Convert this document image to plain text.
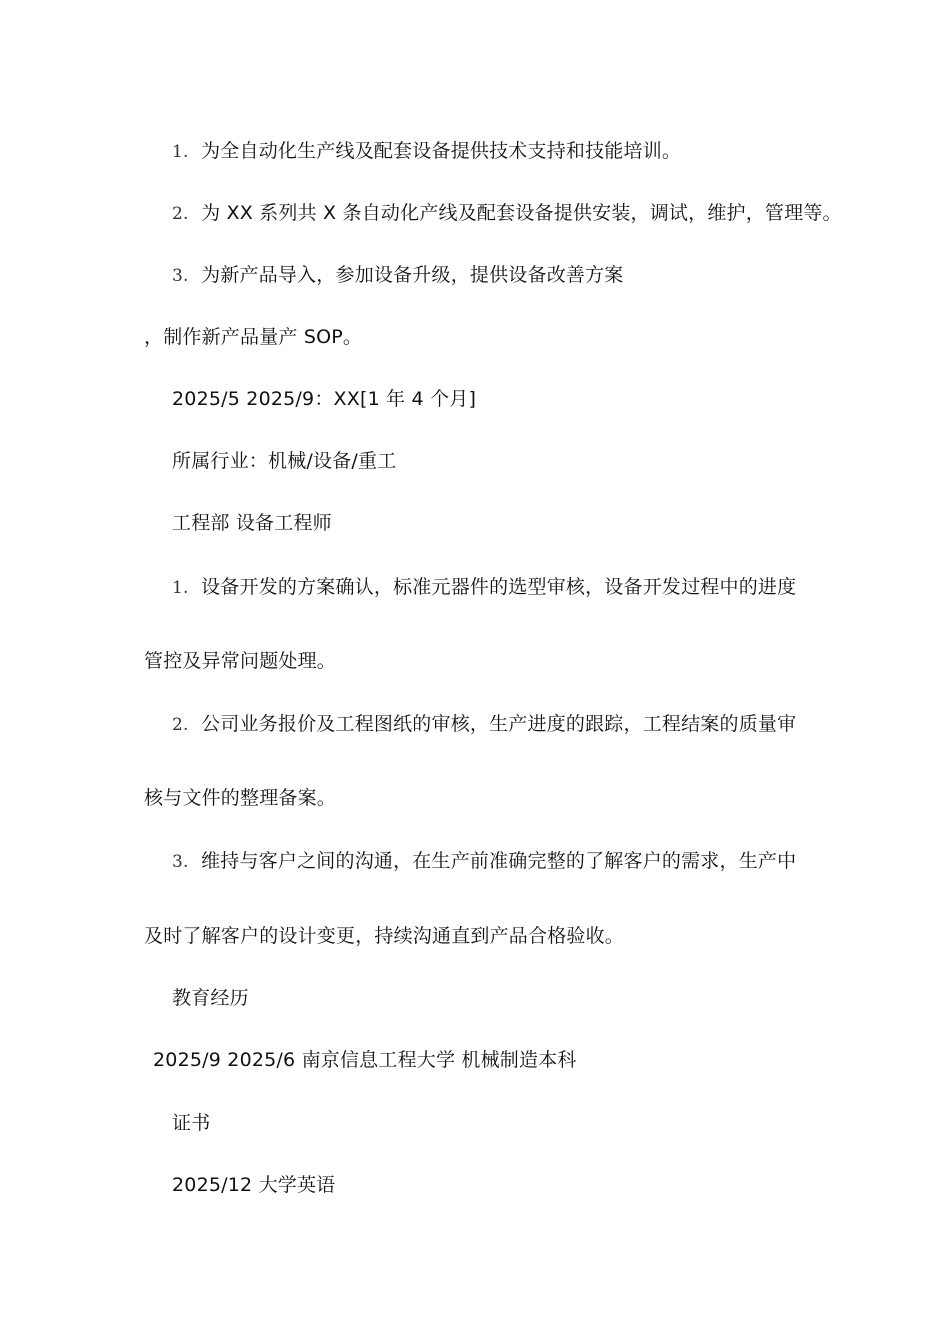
1. 为全自动化生产线及配套设备提供技术支持和技能培训。
2. 为 XX 系列共 X 条自动化产线及配套设备提供安装，调试，维护，管理等。
3. 为新产品导入，参加设备升级，提供设备改善方案
，制作新产品量产 SOP。
2025/5 2025/9：XX[1 年 4 个月]
所属行业：机械/设备/重工
工程部 设备工程师
1. 设备开发的方案确认，标准元器件的选型审核，设备开发过程中的进度
管控及异常问题处理。
2. 公司业务报价及工程图纸的审核，生产进度的跟踪，工程结案的质量审
核与文件的整理备案。
3. 维持与客户之间的沟通，在生产前准确完整的了解客户的需求，生产中
及时了解客户的设计变更，持续沟通直到产品合格验收。
教育经历
2025/9 2025/6 南京信息工程大学 机械制造本科
证书
2025/12 大学英语
